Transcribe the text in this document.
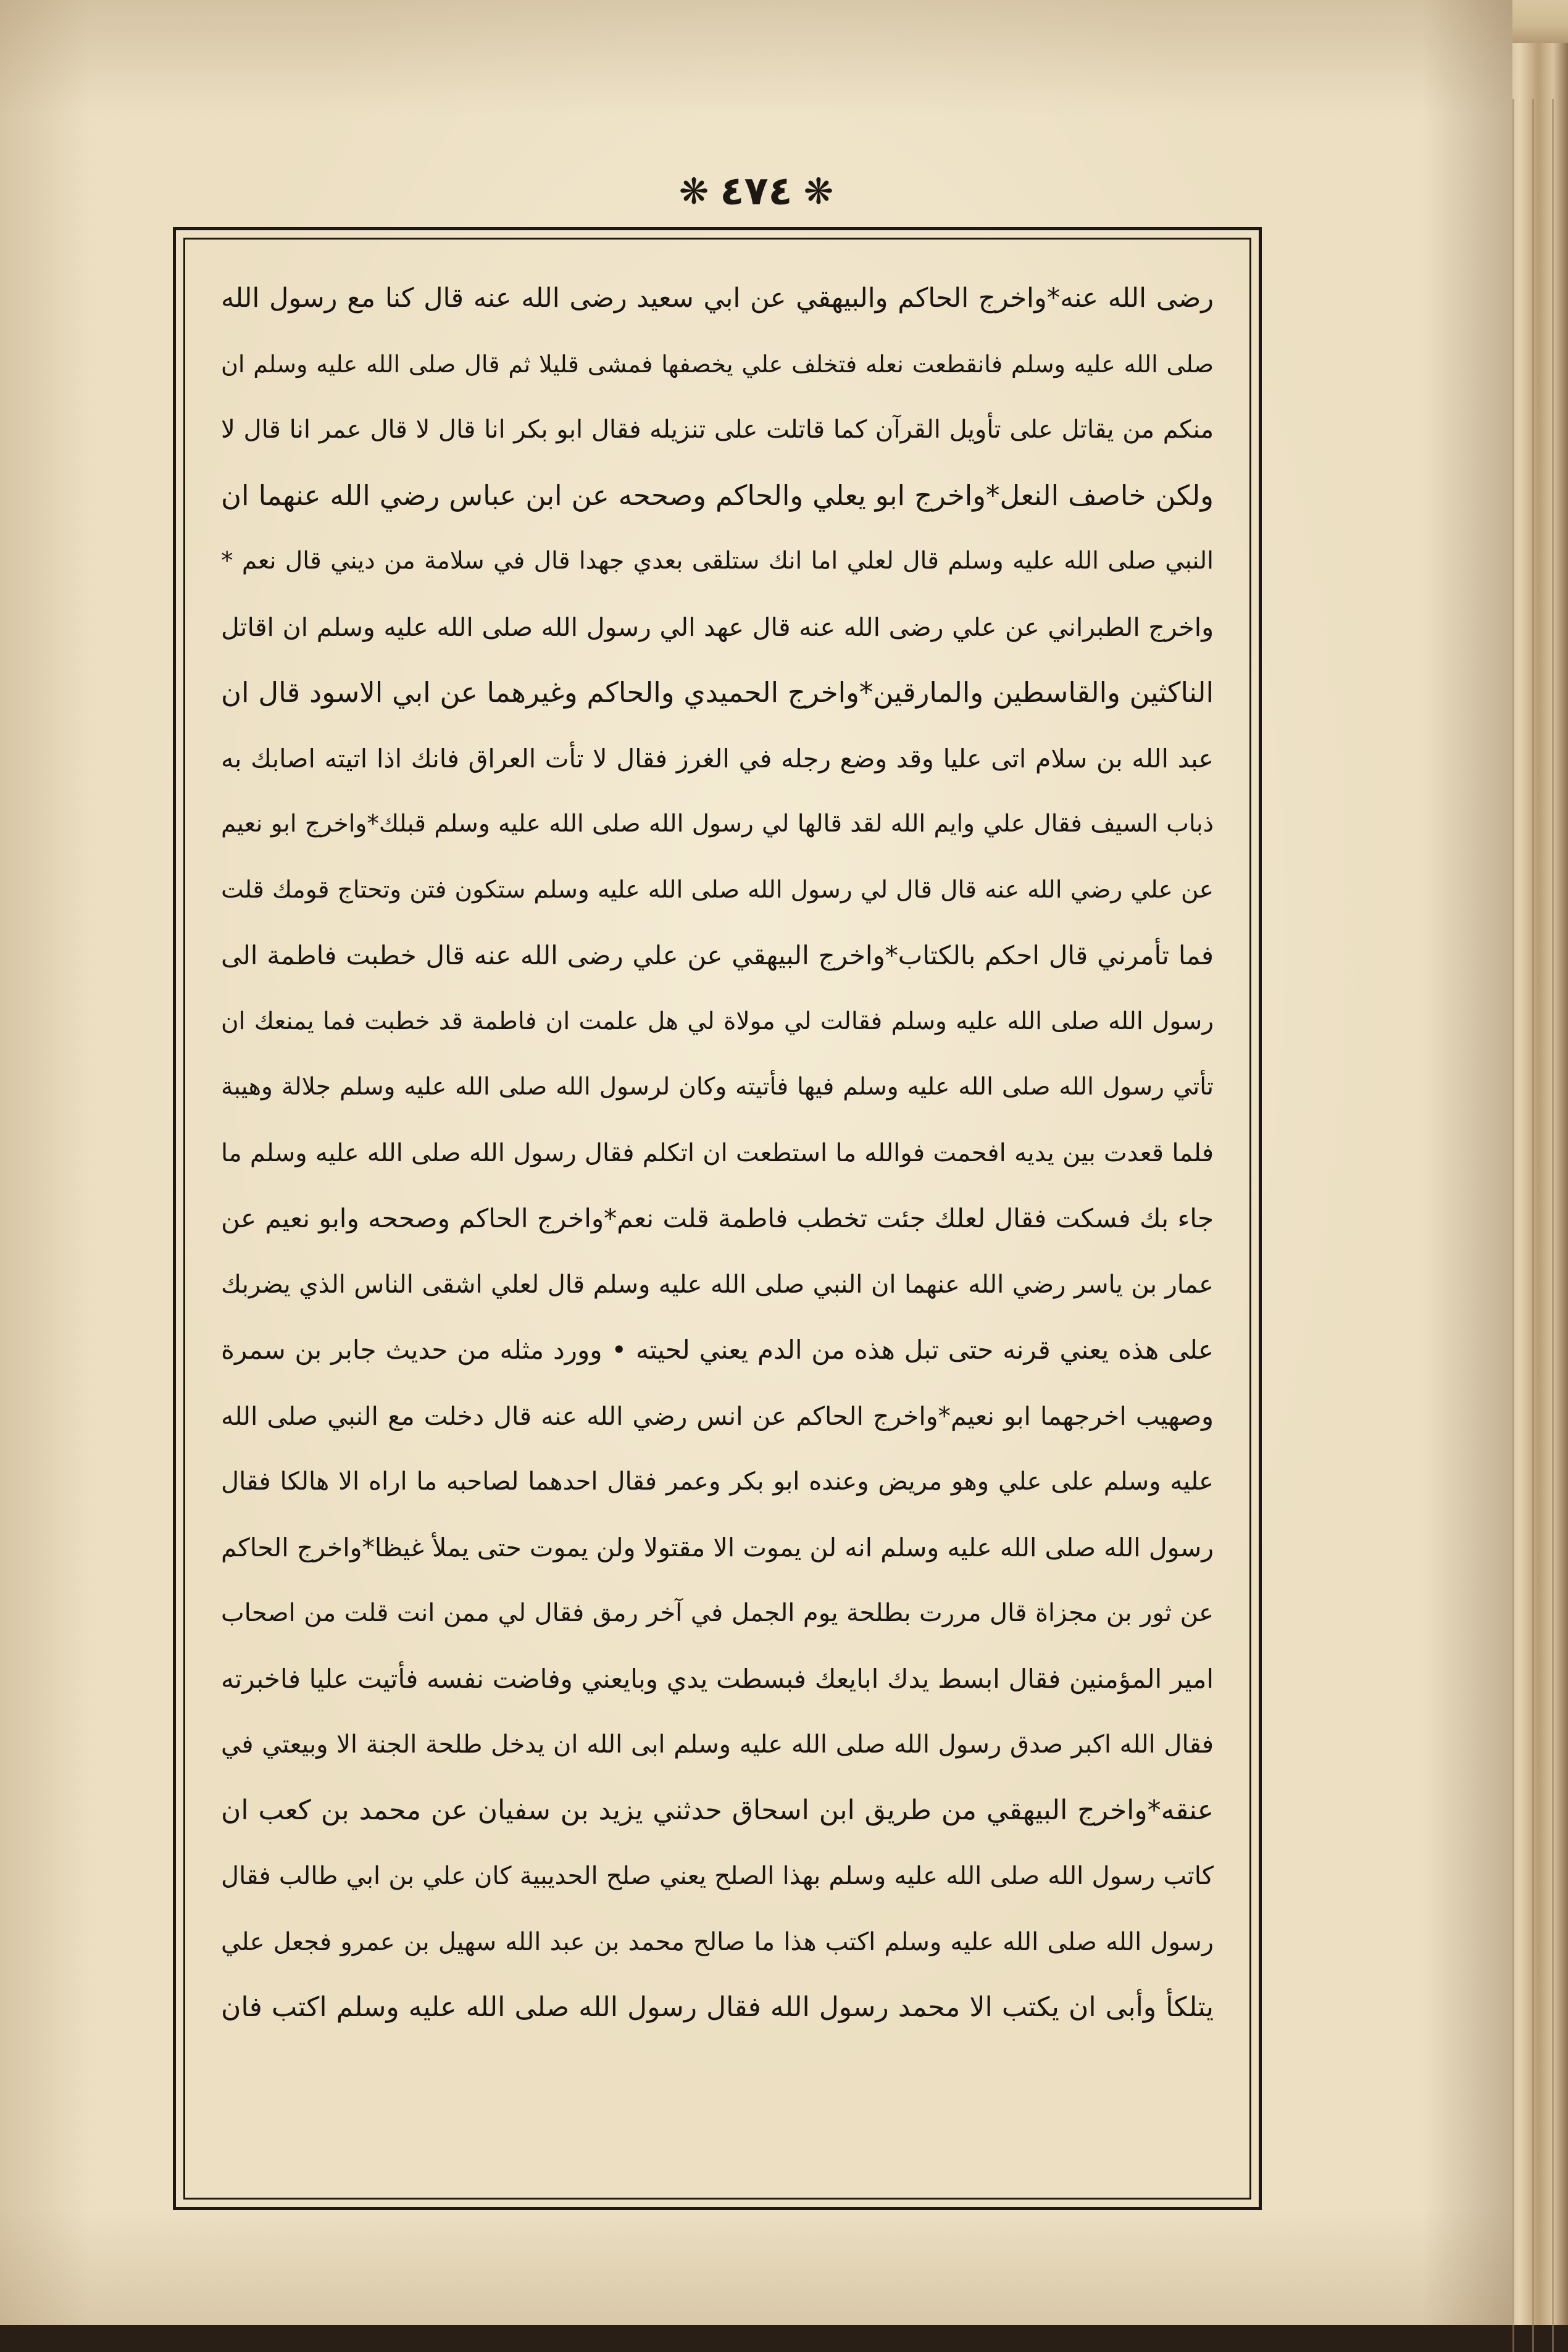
❋ ٤٧٤ ❋
رضى الله عنه*واخرج الحاكم والبيهقي عن ابي سعيد رضى الله عنه قال كنا مع رسول الله
صلى الله عليه وسلم فانقطعت نعله فتخلف علي يخصفها فمشى قليلا ثم قال صلى الله عليه وسلم ان
منكم من يقاتل على تأويل القرآن كما قاتلت على تنزيله فقال ابو بكر انا قال لا قال عمر انا قال لا
ولكن خاصف النعل*واخرج ابو يعلي والحاكم وصححه عن ابن عباس رضي الله عنهما ان
النبي صلى الله عليه وسلم قال لعلي اما انك ستلقى بعدي جهدا قال في سلامة من ديني قال نعم *
واخرج الطبراني عن علي رضى الله عنه قال عهد الي رسول الله صلى الله عليه وسلم ان اقاتل
الناكثين والقاسطين والمارقين*واخرج الحميدي والحاكم وغيرهما عن ابي الاسود قال ان
عبد الله بن سلام اتى عليا وقد وضع رجله في الغرز فقال لا تأت العراق فانك اذا اتيته اصابك به
ذباب السيف فقال علي وايم الله لقد قالها لي رسول الله صلى الله عليه وسلم قبلك*واخرج ابو نعيم
عن علي رضي الله عنه قال قال لي رسول الله صلى الله عليه وسلم ستكون فتن وتحتاج قومك قلت
فما تأمرني قال احكم بالكتاب*واخرج البيهقي عن علي رضى الله عنه قال خطبت فاطمة الى
رسول الله صلى الله عليه وسلم فقالت لي مولاة لي هل علمت ان فاطمة قد خطبت فما يمنعك ان
تأتي رسول الله صلى الله عليه وسلم فيها فأتيته وكان لرسول الله صلى الله عليه وسلم جلالة وهيبة
فلما قعدت بين يديه افحمت فوالله ما استطعت ان اتكلم فقال رسول الله صلى الله عليه وسلم ما
جاء بك فسكت فقال لعلك جئت تخطب فاطمة قلت نعم*واخرج الحاكم وصححه وابو نعيم عن
عمار بن ياسر رضي الله عنهما ان النبي صلى الله عليه وسلم قال لعلي اشقى الناس الذي يضربك
على هذه يعني قرنه حتى تبل هذه من الدم يعني لحيته • وورد مثله من حديث جابر بن سمرة
وصهيب اخرجهما ابو نعيم*واخرج الحاكم عن انس رضي الله عنه قال دخلت مع النبي صلى الله
عليه وسلم على علي وهو مريض وعنده ابو بكر وعمر فقال احدهما لصاحبه ما اراه الا هالكا فقال
رسول الله صلى الله عليه وسلم انه لن يموت الا مقتولا ولن يموت حتى يملأ غيظا*واخرج الحاكم
عن ثور بن مجزاة قال مررت بطلحة يوم الجمل في آخر رمق فقال لي ممن انت قلت من اصحاب
امير المؤمنين فقال ابسط يدك ابايعك فبسطت يدي وبايعني وفاضت نفسه فأتيت عليا فاخبرته
فقال الله اكبر صدق رسول الله صلى الله عليه وسلم ابى الله ان يدخل طلحة الجنة الا وبيعتي في
عنقه*واخرج البيهقي من طريق ابن اسحاق حدثني يزيد بن سفيان عن محمد بن كعب ان
كاتب رسول الله صلى الله عليه وسلم بهذا الصلح يعني صلح الحديبية كان علي بن ابي طالب فقال
رسول الله صلى الله عليه وسلم اكتب هذا ما صالح محمد بن عبد الله سهيل بن عمرو فجعل علي
يتلكأ وأبى ان يكتب الا محمد رسول الله فقال رسول الله صلى الله عليه وسلم اكتب فان
